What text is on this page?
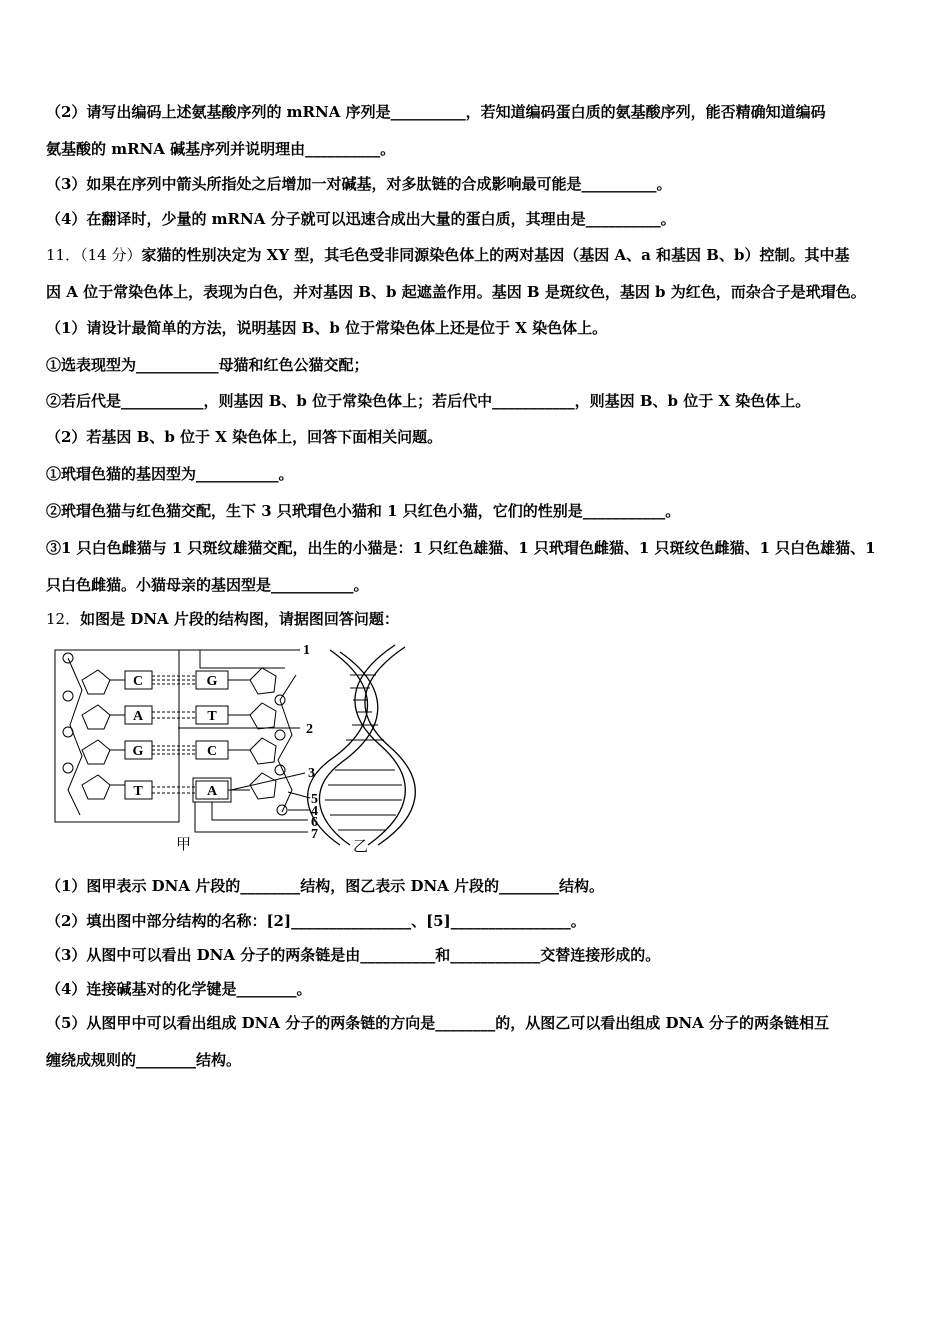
（2）请写出编码上述氨基酸序列的 mRNA 序列是__________，若知道编码蛋白质的氨基酸序列，能否精确知道编码
氨基酸的 mRNA 碱基序列并说明理由__________。
（3）如果在序列中箭头所指处之后增加一对碱基，对多肽链的合成影响最可能是__________。
（4）在翻译时，少量的 mRNA 分子就可以迅速合成出大量的蛋白质，其理由是__________。
11．（14 分）家猫的性别决定为 XY 型，其毛色受非同源染色体上的两对基因（基因 A、a 和基因 B、b）控制。其中基
因 A 位于常染色体上，表现为白色，并对基因 B、b 起遮盖作用。基因 B 是斑纹色，基因 b 为红色，而杂合子是玳瑁色。
（1）请设计最简单的方法，说明基因 B、b 位于常染色体上还是位于 X 染色体上。
①选表现型为___________母猫和红色公猫交配；
②若后代是___________，则基因 B、b 位于常染色体上；若后代中___________，则基因 B、b 位于 X 染色体上。
（2）若基因 B、b 位于 X 染色体上，回答下面相关问题。
①玳瑁色猫的基因型为___________。
②玳瑁色猫与红色猫交配，生下 3 只玳瑁色小猫和 1 只红色小猫，它们的性别是___________。
③1 只白色雌猫与 1 只斑纹雄猫交配，出生的小猫是：1 只红色雄猫、1 只玳瑁色雌猫、1 只斑纹色雌猫、1 只白色雄猫、1
只白色雌猫。小猫母亲的基因型是___________。
12．如图是 DNA 片段的结构图，请据图回答问题：
C
A
G
T
G
T
C
A
1
2
3
5
4
6
7
甲	乙
（1）图甲表示 DNA 片段的________结构，图乙表示 DNA 片段的________结构。
（2）填出图中部分结构的名称：[2]________________、[5]________________。
（3）从图中可以看出 DNA 分子的两条链是由__________和____________交替连接形成的。
（4）连接碱基对的化学键是________。
（5）从图甲中可以看出组成 DNA 分子的两条链的方向是________的，从图乙可以看出组成 DNA 分子的两条链相互
缠绕成规则的________结构。
